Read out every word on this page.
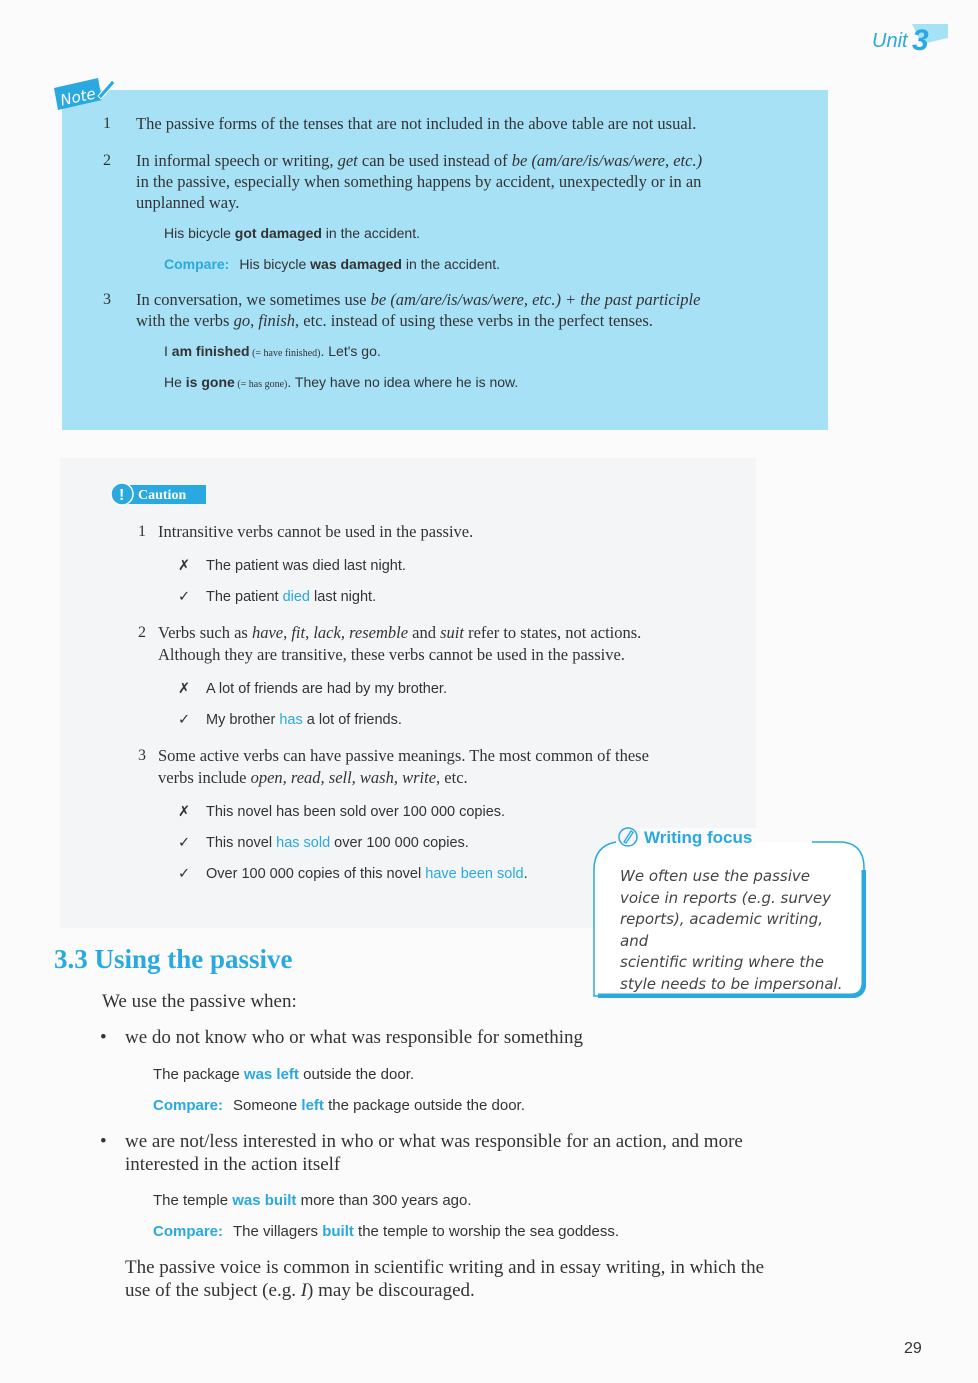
Unit 3
Note
1 The passive forms of the tenses that are not included in the above table are not usual.
2 In informal speech or writing, get can be used instead of be (am/are/is/was/were, etc.)
in the passive, especially when something happens by accident, unexpectedly or in an
unplanned way.
His bicycle got damaged in the accident.
Compare: His bicycle was damaged in the accident.
3 In conversation, we sometimes use be (am/are/is/was/were, etc.) + the past participle
with the verbs go, finish, etc. instead of using these verbs in the perfect tenses.
I am finished (= have finished). Let's go.
He is gone (= has gone). They have no idea where he is now.
! Caution
1 Intransitive verbs cannot be used in the passive.
✗ The patient was died last night.
✓ The patient died last night.
2 Verbs such as have, fit, lack, resemble and suit refer to states, not actions.
Although they are transitive, these verbs cannot be used in the passive.
✗ A lot of friends are had by my brother.
✓ My brother has a lot of friends.
3 Some active verbs can have passive meanings. The most common of these
verbs include open, read, sell, wash, write, etc.
✗ This novel has been sold over 100 000 copies.
✓ This novel has sold over 100 000 copies.
✓ Over 100 000 copies of this novel have been sold.
Writing focus
We often use the passive
voice in reports (e.g. survey
reports), academic writing, and
scientific writing where the
style needs to be impersonal.
3.3 Using the passive
We use the passive when:
• we do not know who or what was responsible for something
The package was left outside the door.
Compare: Someone left the package outside the door.
• we are not/less interested in who or what was responsible for an action, and more
interested in the action itself
The temple was built more than 300 years ago.
Compare: The villagers built the temple to worship the sea goddess.
The passive voice is common in scientific writing and in essay writing, in which the
use of the subject (e.g. I) may be discouraged.
29
